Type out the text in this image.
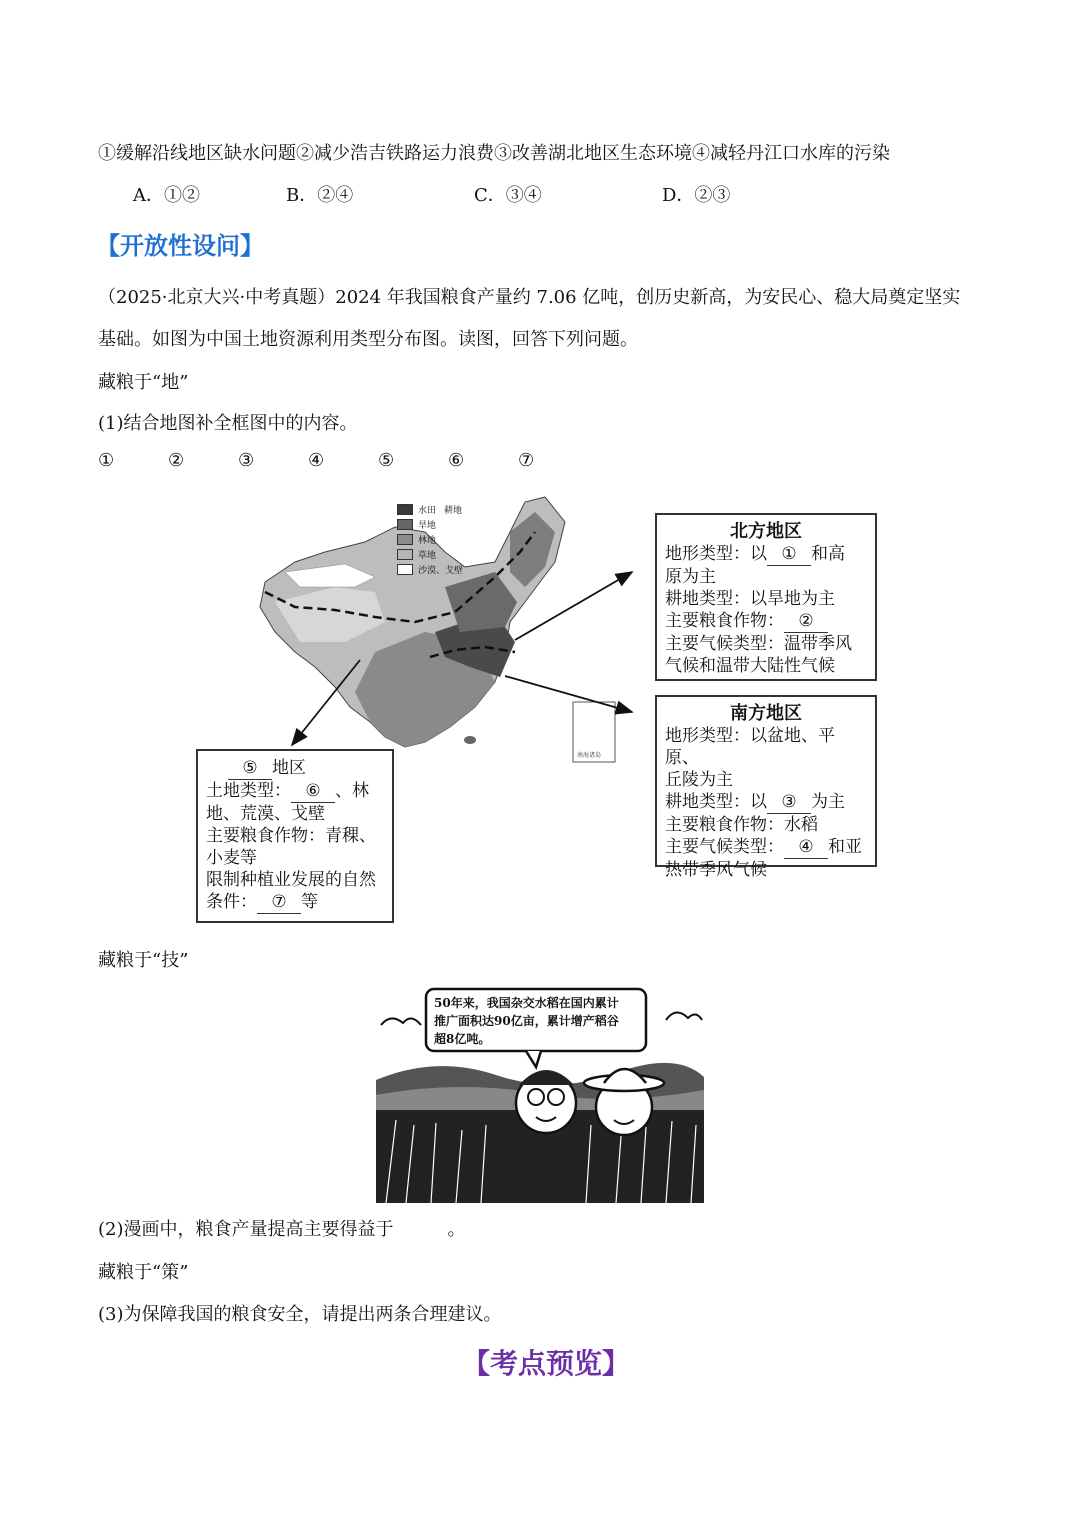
①缓解沿线地区缺水问题②减少浩吉铁路运力浪费③改善湖北地区生态环境④减轻丹江口水库的污染
A．①②	B．②④	C．③④	D．②③
【开放性设问】
（2025·北京大兴·中考真题）2024 年我国粮食产量约 7.06 亿吨，创历史新高，为安民心、稳大局奠定坚实
基础。如图为中国土地资源利用类型分布图。读图，回答下列问题。
藏粮于“地”
(1)结合地图补全框图中的内容。
①	②	③	④	⑤	⑥	⑦
南海诸岛
水田 耕地
旱地
林地
草地
沙漠、戈壁
北方地区
地形类型：以 ① 和高
原为主
耕地类型：以旱地为主
主要粮食作物： ②
主要气候类型：温带季风
气候和温带大陆性气候
南方地区
地形类型：以盆地、平原、
丘陵为主
耕地类型：以 ③ 为主
主要粮食作物：水稻
主要气候类型： ④ 和亚
热带季风气候
⑤ 地区
土地类型： ⑥ 、林
地、荒漠、戈壁
主要粮食作物：青稞、
小麦等
限制种植业发展的自然
条件： ⑦ 等
藏粮于“技”
50年来，我国杂交水稻在国内累计
推广面积达90亿亩，累计增产稻谷
超8亿吨。
(2)漫画中，粮食产量提高主要得益于　　　。
藏粮于“策”
(3)为保障我国的粮食安全，请提出两条合理建议。
【考点预览】
